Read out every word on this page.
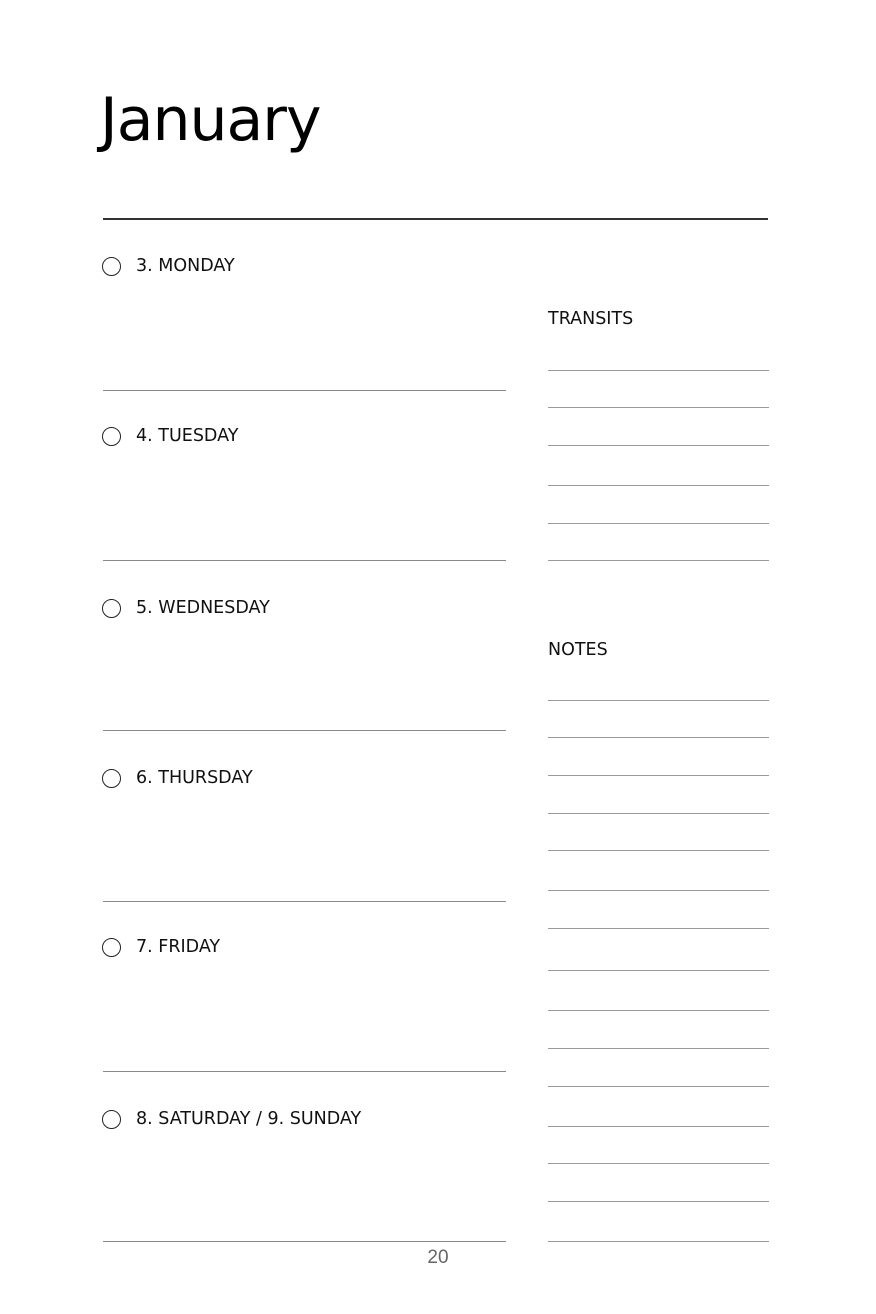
January
3. MONDAY
4. TUESDAY
5. WEDNESDAY
6. THURSDAY
7. FRIDAY
8. SATURDAY / 9. SUNDAY
TRANSITS
NOTES
20
